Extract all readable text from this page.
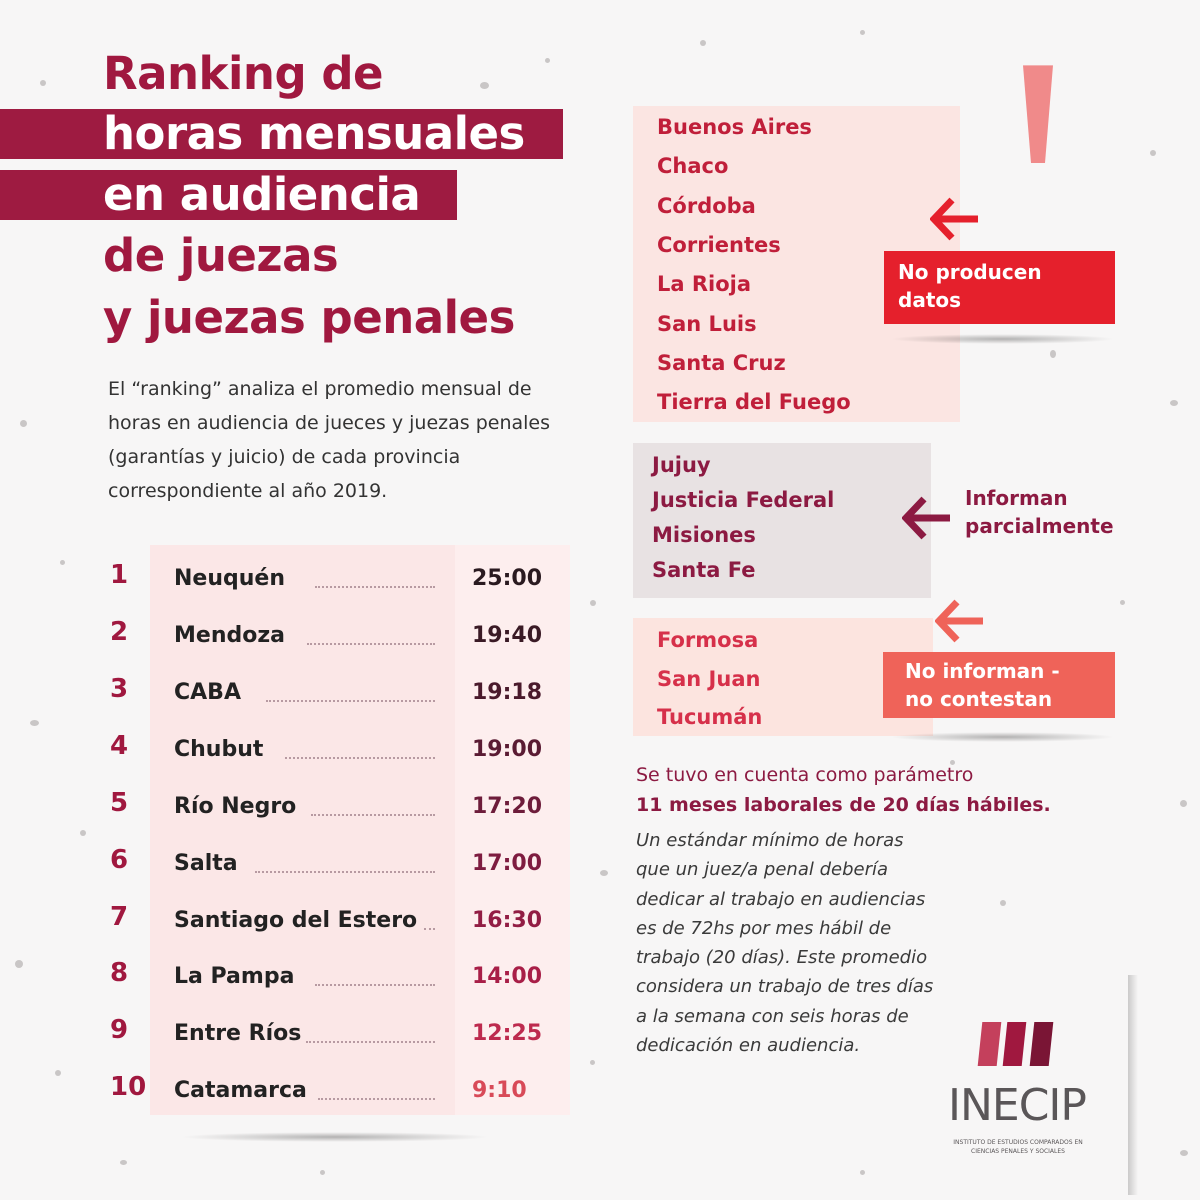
Ranking de
horas mensuales
en audiencia
de juezas
y juezas penales
El “ranking” analiza el promedio mensual de horas en audiencia de jueces y juezas penales (garantías y juicio) de cada provincia correspondiente al año 2019.
1 Neuquén	25:00
2 Mendoza	19:40
3 CABA	19:18
4 Chubut	19:00
5 Río Negro	17:20
6 Salta	17:00
7 Santiago del Estero 16:30
8 La Pampa	14:00
9 Entre Ríos	12:25
10 Catamarca	9:10
Buenos Aires
Chaco
Córdoba
Corrientes
La Rioja
San Luis
Santa Cruz
Tierra del Fuego
No producen datos
Jujuy
Justicia Federal
Misiones
Santa Fe
Informan parcialmente
Formosa
San Juan
Tucumán
No informan - no contestan
Se tuvo en cuenta como parámetro
11 meses laborales de 20 días hábiles.
Un estándar mínimo de horas que un juez/a penal debería dedicar al trabajo en audiencias es de 72hs por mes hábil de trabajo (20 días). Este promedio considera un trabajo de tres días a la semana con seis horas de dedicación en audiencia.
INECIP
INSTITUTO DE ESTUDIOS COMPARADOS EN CIENCIAS PENALES Y SOCIALES
